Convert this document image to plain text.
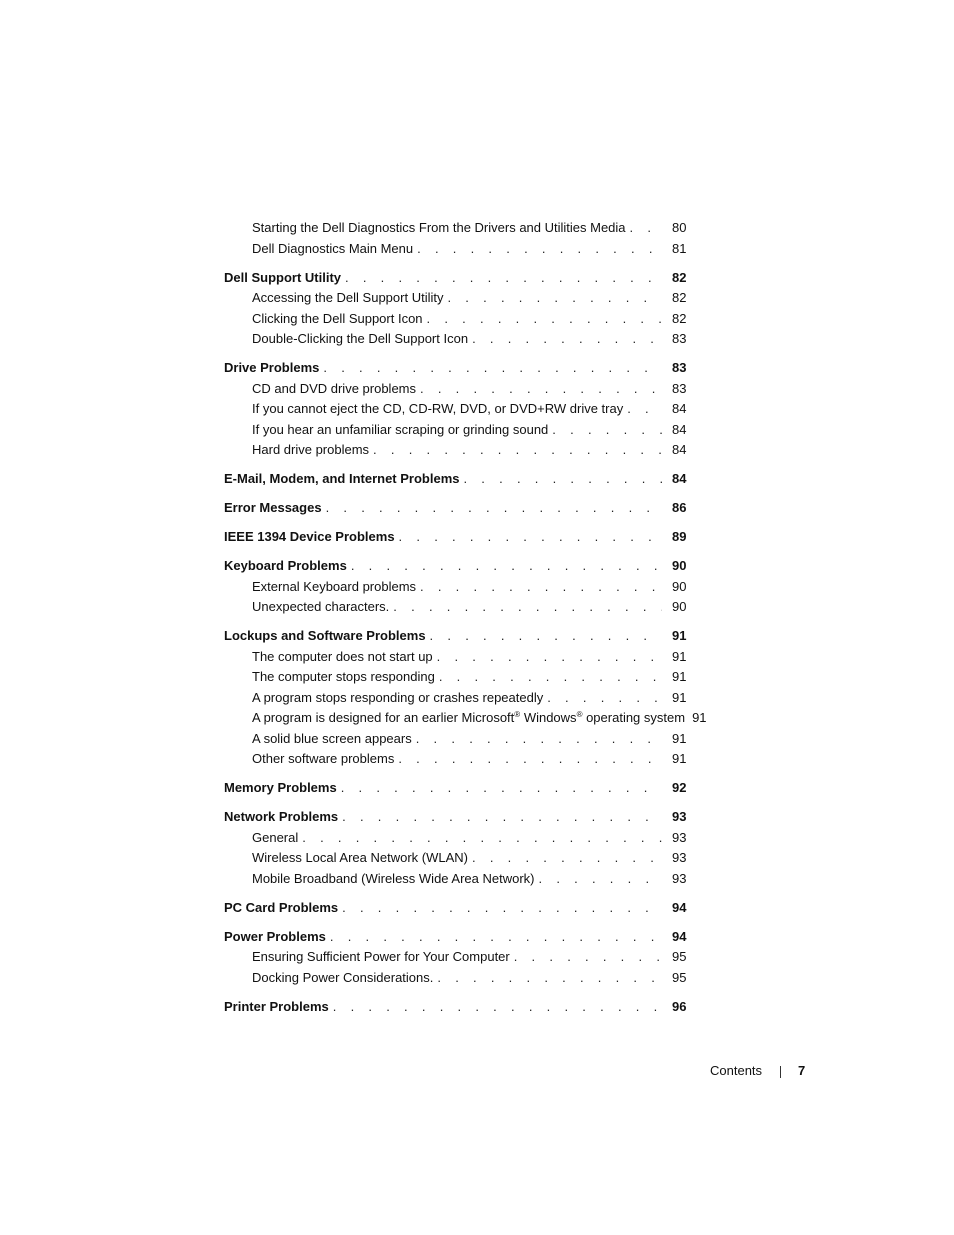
Starting the Dell Diagnostics From the Drivers and Utilities Media . . .	80
Dell Diagnostics Main Menu . . .	81
Dell Support Utility . . .	82
Accessing the Dell Support Utility . . .	82
Clicking the Dell Support Icon . . .	82
Double-Clicking the Dell Support Icon . . .	83
Drive Problems . . .	83
CD and DVD drive problems . . .	83
If you cannot eject the CD, CD-RW, DVD, or DVD+RW drive tray . . .	84
If you hear an unfamiliar scraping or grinding sound . . .	84
Hard drive problems . . .	84
E-Mail, Modem, and Internet Problems . . .	84
Error Messages . . .	86
IEEE 1394 Device Problems . . .	89
Keyboard Problems . . .	90
External Keyboard problems . . .	90
Unexpected characters. . . .	90
Lockups and Software Problems . . .	91
The computer does not start up . . .	91
The computer stops responding . . .	91
A program stops responding or crashes repeatedly . . .	91
A program is designed for an earlier Microsoft® Windows® operating system 91
A solid blue screen appears . . .	91
Other software problems . . .	91
Memory Problems . . .	92
Network Problems . . .	93
General . . .	93
Wireless Local Area Network (WLAN) . . .	93
Mobile Broadband (Wireless Wide Area Network) . . .	93
PC Card Problems . . .	94
Power Problems . . .	94
Ensuring Sufficient Power for Your Computer . . .	95
Docking Power Considerations. . . .	95
Printer Problems . . .	96
Contents	7
